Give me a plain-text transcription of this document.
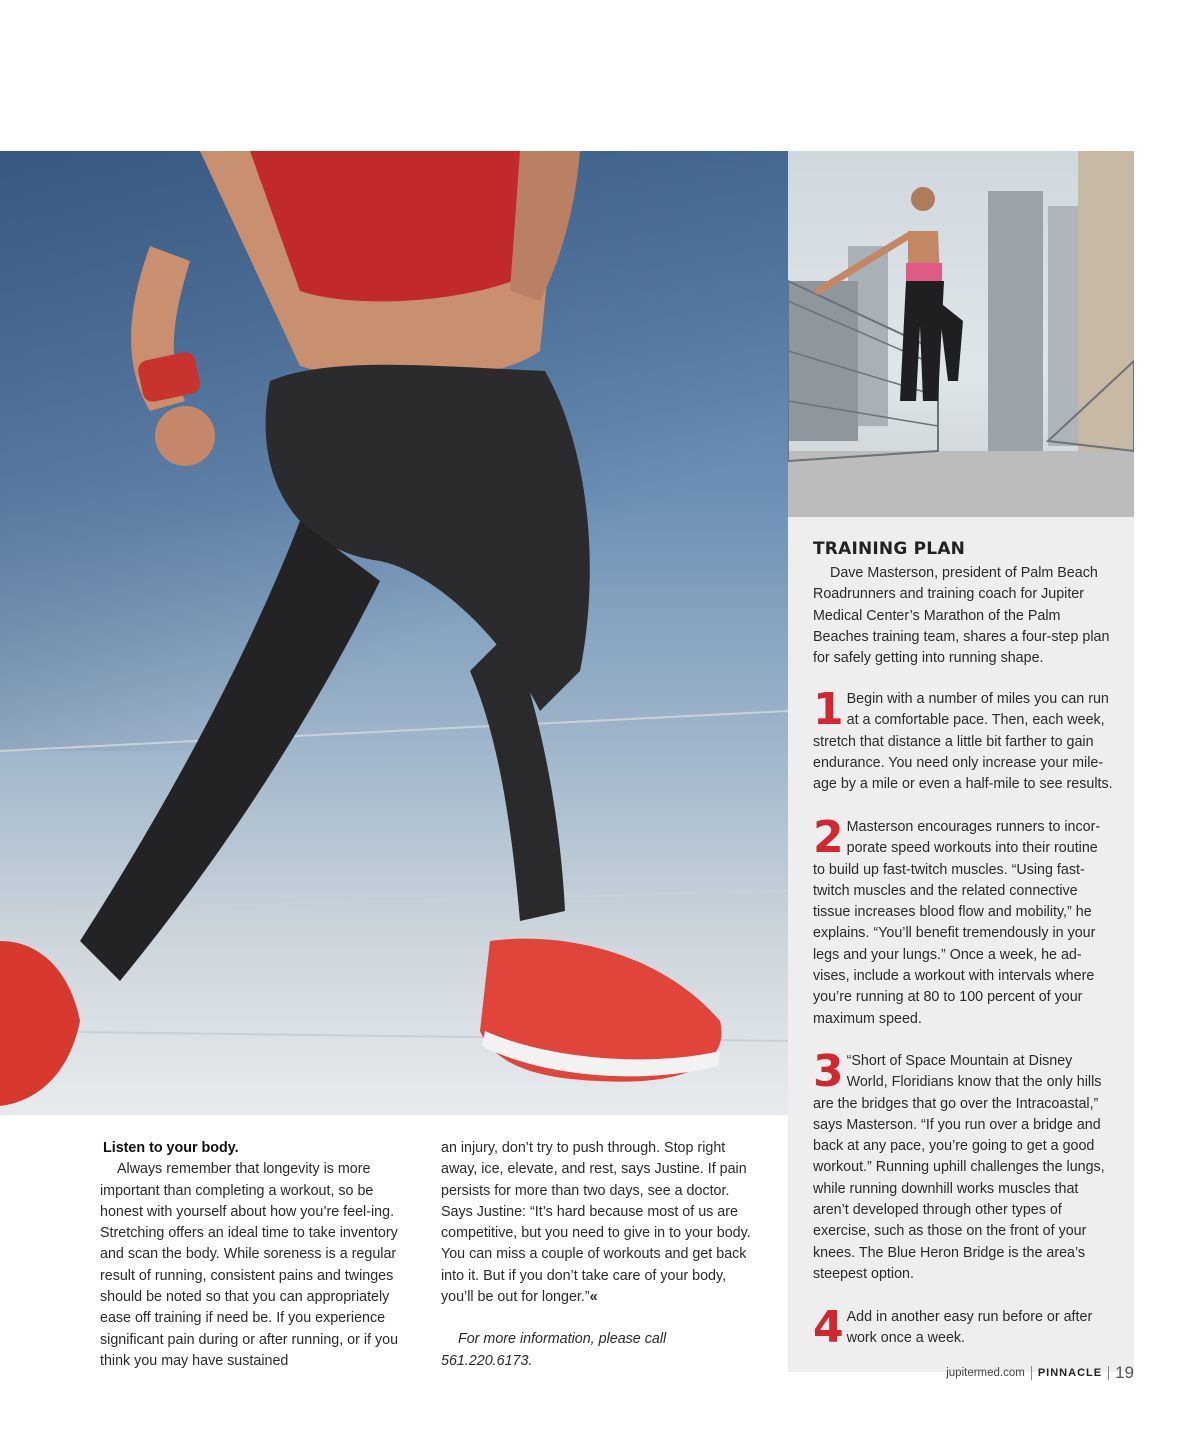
TRAINING PLAN

Dave Masterson, president of Palm Beach Roadrunners and training coach for Jupiter Medical Center’s Marathon of the Palm Beaches training team, shares a four-step plan for safely getting into running shape.

1 Begin with a number of miles you can run at a comfortable pace. Then, each week, stretch that distance a little bit farther to gain endurance. You need only increase your mile-age by a mile or even a half-mile to see results.
2 Masterson encourages runners to incor-porate speed workouts into their routine to build up fast-twitch muscles. “Using fast-twitch muscles and the related connective tissue increases blood flow and mobility,” he explains. “You’ll benefit tremendously in your legs and your lungs.” Once a week, he ad-vises, include a workout with intervals where you’re running at 80 to 100 percent of your maximum speed.
3 “Short of Space Mountain at Disney World, Floridians know that the only hills are the bridges that go over the Intracoastal,” says Masterson. “If you run over a bridge and back at any pace, you’re going to get a good workout.” Running uphill challenges the lungs, while running downhill works muscles that aren’t developed through other types of exercise, such as those on the front of your knees. The Blue Heron Bridge is the area’s steepest option.
4 Add in another easy run before or after work once a week.

Listen to your body.

Always remember that longevity is more important than completing a workout, so be honest with yourself about how you’re feel-ing. Stretching offers an ideal time to take inventory and scan the body. While soreness is a regular result of running, consistent pains and twinges should be noted so that you can appropriately ease off training if need be. If you experience significant pain during or after running, or if you think you may have sustained

an injury, don’t try to push through. Stop right away, ice, elevate, and rest, says Justine. If pain persists for more than two days, see a doctor. Says Justine: “It’s hard because most of us are competitive, but you need to give in to your body. You can miss a couple of workouts and get back into it. But if you don’t take care of your body, you’ll be out for longer.”«

For more information, please call 561.220.6173.

jupitermed.com PINNACLE 19
